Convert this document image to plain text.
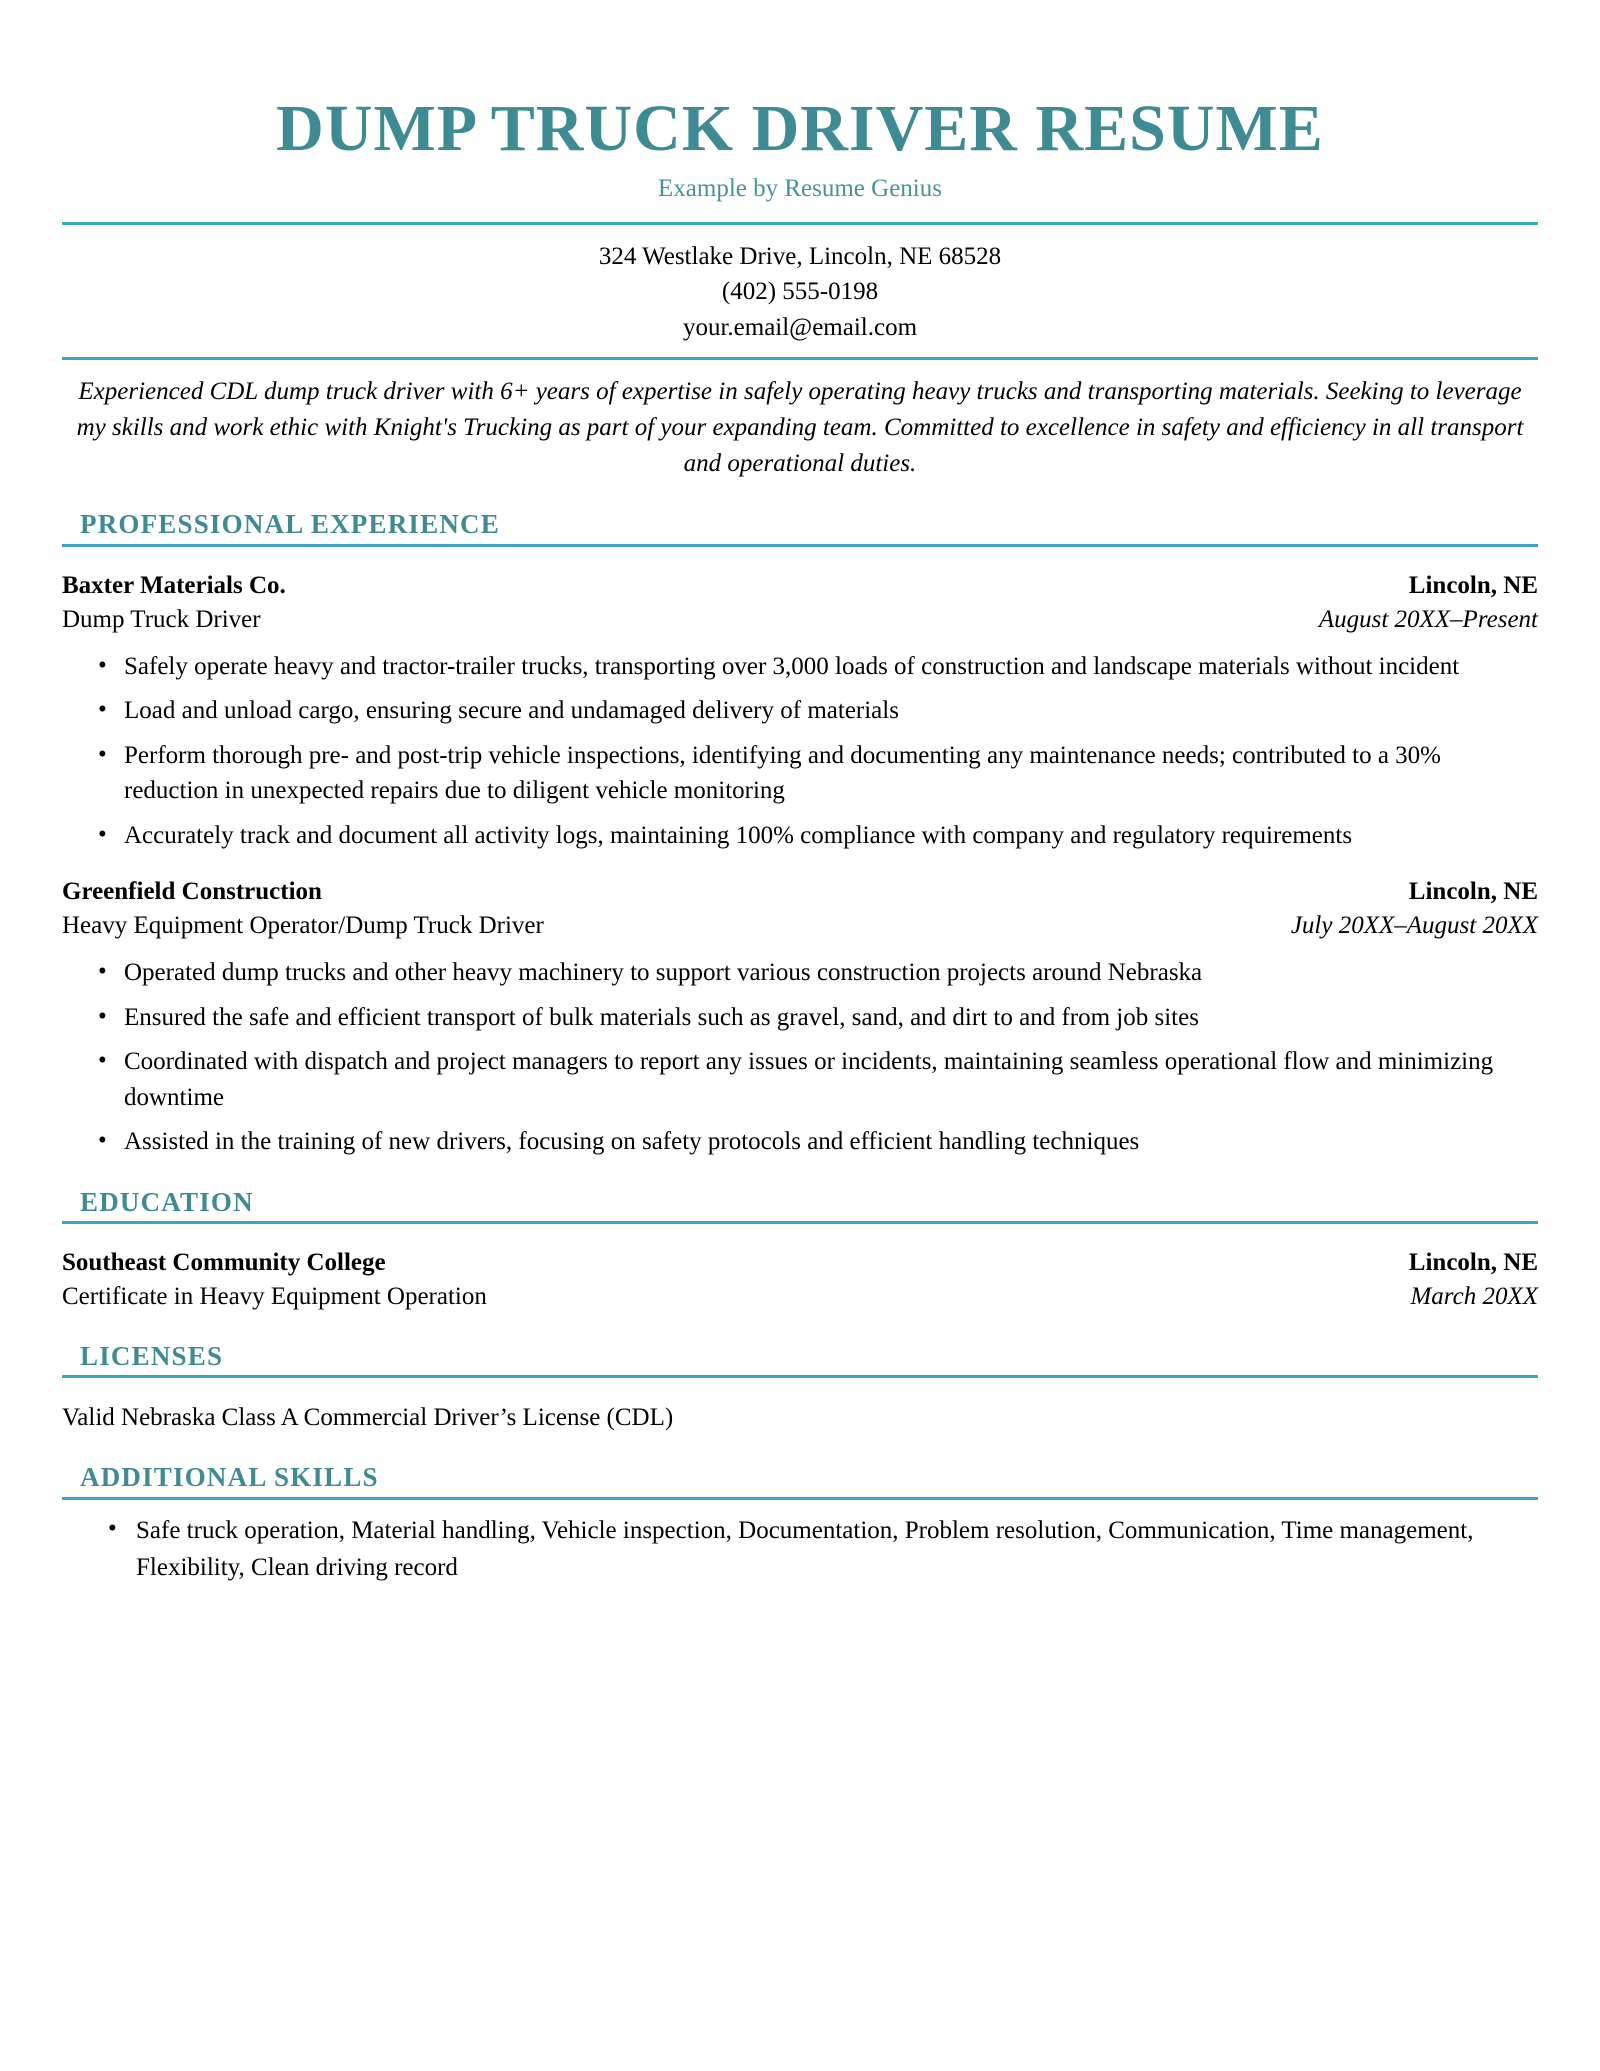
DUMP TRUCK DRIVER RESUME
Example by Resume Genius
324 Westlake Drive, Lincoln, NE 68528
(402) 555-0198
your.email@email.com
Experienced CDL dump truck driver with 6+ years of expertise in safely operating heavy trucks and transporting materials. Seeking to leverage my skills and work ethic with Knight's Trucking as part of your expanding team. Committed to excellence in safety and efficiency in all transport and operational duties.
PROFESSIONAL EXPERIENCE
Baxter Materials Co.	Lincoln, NE
Dump Truck Driver	August 20XX–Present
• Safely operate heavy and tractor-trailer trucks, transporting over 3,000 loads of construction and landscape materials without incident
• Load and unload cargo, ensuring secure and undamaged delivery of materials
• Perform thorough pre- and post-trip vehicle inspections, identifying and documenting any maintenance needs; contributed to a 30% reduction in unexpected repairs due to diligent vehicle monitoring
• Accurately track and document all activity logs, maintaining 100% compliance with company and regulatory requirements
Greenfield Construction	Lincoln, NE
Heavy Equipment Operator/Dump Truck Driver	July 20XX–August 20XX
• Operated dump trucks and other heavy machinery to support various construction projects around Nebraska
• Ensured the safe and efficient transport of bulk materials such as gravel, sand, and dirt to and from job sites
• Coordinated with dispatch and project managers to report any issues or incidents, maintaining seamless operational flow and minimizing downtime
• Assisted in the training of new drivers, focusing on safety protocols and efficient handling techniques
EDUCATION
Southeast Community College	Lincoln, NE
Certificate in Heavy Equipment Operation	March 20XX
LICENSES
Valid Nebraska Class A Commercial Driver’s License (CDL)
ADDITIONAL SKILLS
• Safe truck operation, Material handling, Vehicle inspection, Documentation, Problem resolution, Communication, Time management, Flexibility, Clean driving record
